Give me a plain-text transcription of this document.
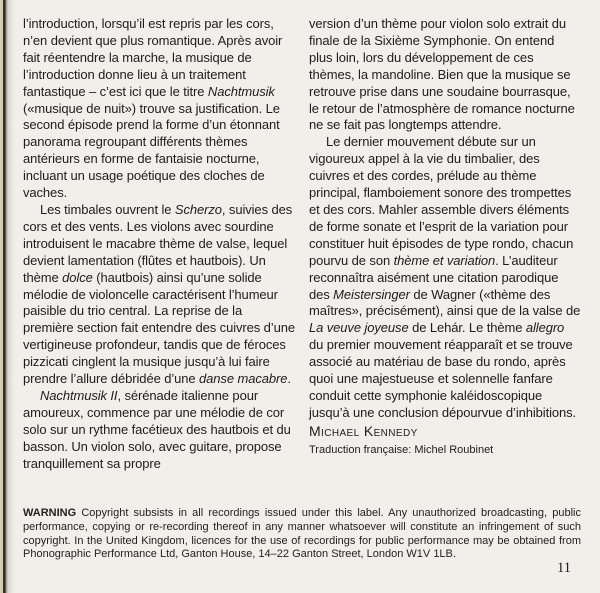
l’introduction, lorsqu’il est repris par les cors, n’en devient que plus romantique. Après avoir fait réentendre la marche, la musique de l’introduction donne lieu à un traitement fantastique – c’est ici que le titre Nachtmusik («musique de nuit») trouve sa justification. Le second épisode prend la forme d’un étonnant panorama regroupant différents thèmes antérieurs en forme de fantaisie nocturne, incluant un usage poétique des cloches de vaches.

Les timbales ouvrent le Scherzo, suivies des cors et des vents. Les violons avec sourdine introduisent le macabre thème de valse, lequel devient lamentation (flûtes et hautbois). Un thème dolce (hautbois) ainsi qu’une solide mélodie de violoncelle caractérisent l’humeur paisible du trio central. La reprise de la première section fait entendre des cuivres d’une vertigineuse profondeur, tandis que de féroces pizzicati cinglent la musique jusqu’à lui faire prendre l’allure débridée d’une danse macabre.

Nachtmusik II, sérénade italienne pour amoureux, commence par une mélodie de cor solo sur un rythme facétieux des hautbois et du basson. Un violon solo, avec guitare, propose tranquillement sa propre

version d’un thème pour violon solo extrait du finale de la Sixième Symphonie. On entend plus loin, lors du développement de ces thèmes, la mandoline. Bien que la musique se retrouve prise dans une soudaine bourrasque, le retour de l’atmosphère de romance nocturne ne se fait pas longtemps attendre.

Le dernier mouvement débute sur un vigoureux appel à la vie du timbalier, des cuivres et des cordes, prélude au thème principal, flamboiement sonore des trompettes et des cors. Mahler assemble divers éléments de forme sonate et l’esprit de la variation pour constituer huit épisodes de type rondo, chacun pourvu de son thème et variation. L’auditeur reconnaîtra aisément une citation parodique des Meistersinger de Wagner («thème des maîtres», précisément), ainsi que de la valse de La veuve joyeuse de Lehár. Le thème allegro du premier mouvement réapparaît et se trouve associé au matériau de base du rondo, après quoi une majestueuse et solennelle fanfare conduit cette symphonie kaléidoscopique jusqu’à une conclusion dépourvue d’inhibitions.

Michael Kennedy
Traduction française: Michel Roubinet
WARNING Copyright subsists in all recordings issued under this label. Any unauthorized broadcasting, public performance, copying or re-recording thereof in any manner whatsoever will constitute an infringement of such copyright. In the United Kingdom, licences for the use of recordings for public performance may be obtained from Phonographic Performance Ltd, Ganton House, 14–22 Ganton Street, London W1V 1LB.
11
